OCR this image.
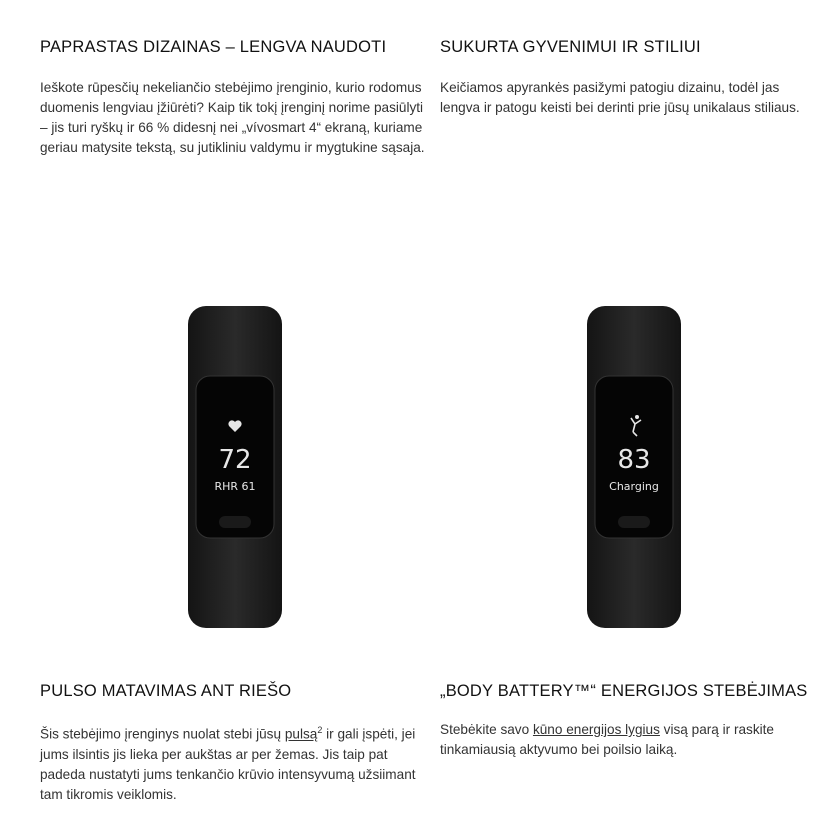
PAPRASTAS DIZAINAS – LENGVA NAUDOTI
Ieškote rūpesčių nekeliančio stebėjimo įrenginio, kurio rodomus duomenis lengviau įžiūrėti? Kaip tik tokį įrenginį norime pasiūlyti – jis turi ryškų ir 66 % didesnį nei „vívosmart 4“ ekraną, kuriame geriau matysite tekstą, su jutikliniu valdymu ir mygtukine sąsaja.
SUKURTA GYVENIMUI IR STILIUI
Keičiamos apyrankės pasižymi patogiu dizainu, todėl jas lengva ir patogu keisti bei derinti prie jūsų unikalaus stiliaus.
72
RHR 61
83
Charging
PULSO MATAVIMAS ANT RIEŠO
Šis stebėjimo įrenginys nuolat stebi jūsų pulsą$^2$ ir gali įspėti, jei jums ilsintis jis lieka per aukštas ar per žemas. Jis taip pat padeda nustatyti jums tenkančio krūvio intensyvumą užsiimant tam tikromis veiklomis.
„BODY BATTERY™“ ENERGIJOS STEBĖJIMAS
Stebėkite savo kūno energijos lygius visą parą ir raskite tinkamiausią aktyvumo bei poilsio laiką.
